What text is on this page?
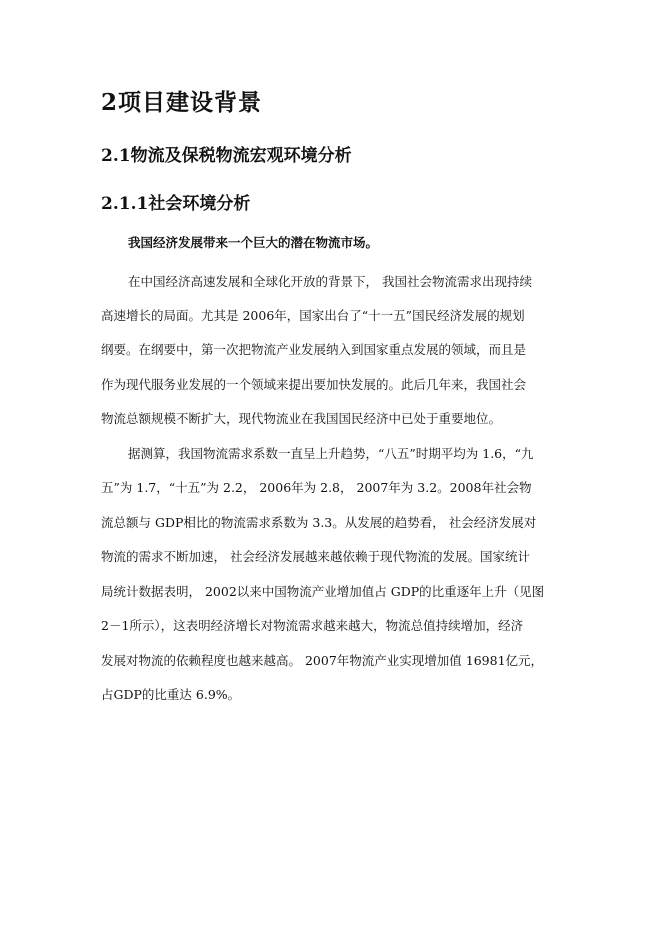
2项目建设背景
2.1物流及保税物流宏观环境分析
2.1.1社会环境分析
我国经济发展带来一个巨大的潜在物流市场。
在中国经济高速发展和全球化开放的背景下， 我国社会物流需求出现持续
高速增长的局面。尤其是 2006年，国家出台了“十一五”国民经济发展的规划
纲要。在纲要中，第一次把物流产业发展纳入到国家重点发展的领域，而且是
作为现代服务业发展的一个领域来提出要加快发展的。此后几年来，我国社会
物流总额规模不断扩大，现代物流业在我国国民经济中已处于重要地位。
据测算，我国物流需求系数一直呈上升趋势，“八五”时期平均为 1.6，“九
五”为 1.7，“十五”为 2.2， 2006年为 2.8， 2007年为 3.2。2008年社会物
流总额与 GDP相比的物流需求系数为 3.3。从发展的趋势看， 社会经济发展对
物流的需求不断加速， 社会经济发展越来越依赖于现代物流的发展。国家统计
局统计数据表明， 2002以来中国物流产业增加值占 GDP的比重逐年上升（见图
2－1所示），这表明经济增长对物流需求越来越大，物流总值持续增加，经济
发展对物流的依赖程度也越来越高。 2007年物流产业实现增加值 16981亿元，
占GDP的比重达 6.9%。
